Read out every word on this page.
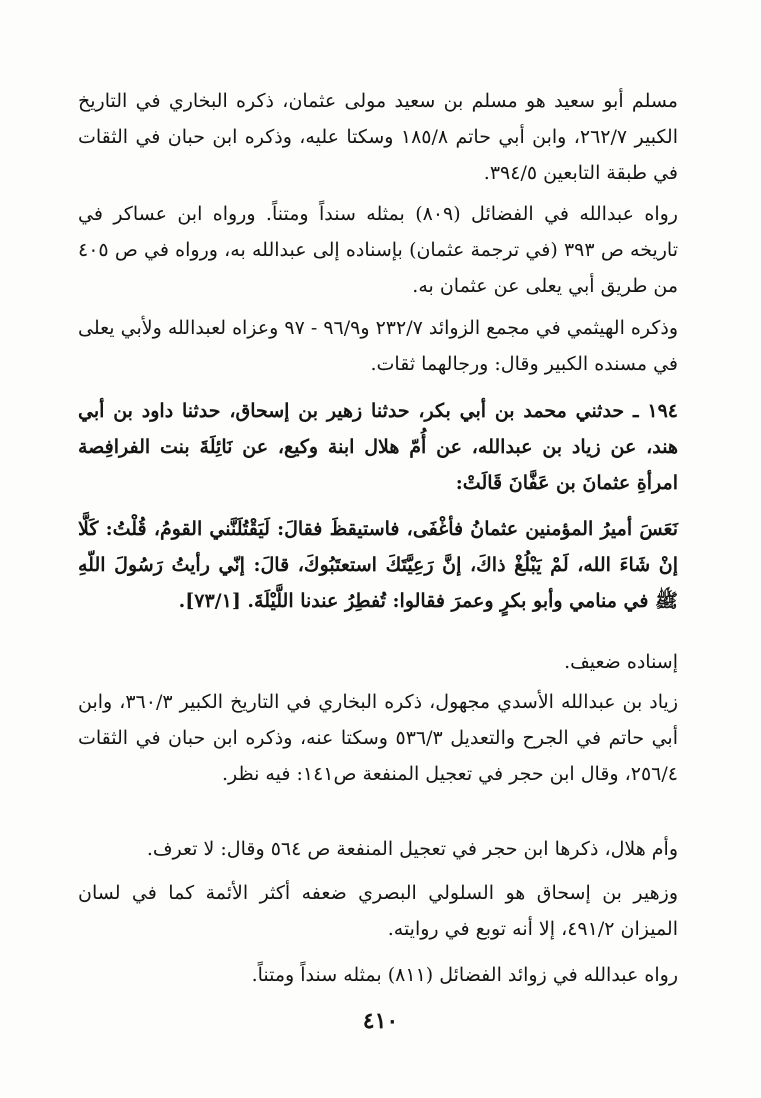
مسلم أبو سعيد هو مسلم بن سعيد مولى عثمان، ذكره البخاري في التاريخ الكبير ٢٦٢/٧، وابن أبي حاتم ١٨٥/٨ وسكتا عليه، وذكره ابن حبان في الثقات في طبقة التابعين ٣٩٤/٥.

رواه عبدالله في الفضائل (٨٠٩) بمثله سنداً ومتناً. ورواه ابن عساكر في تاريخه ص ٣٩٣ (في ترجمة عثمان) بإسناده إلى عبدالله به، ورواه في ص ٤٠٥ من طريق أبي يعلى عن عثمان به.

وذكره الهيثمي في مجمع الزوائد ٢٣٢/٧ و٩٦/٩ - ٩٧ وعزاه لعبدالله ولأبي يعلى في مسنده الكبير وقال: ورجالهما ثقات.

١٩٤ ـ حدثني محمد بن أبي بكر، حدثنا زهير بن إسحاق، حدثنا داود بن أبي هند، عن زياد بن عبدالله، عن أُمّ هلال ابنة وكيع، عن نَائِلَةَ بنت الفرافِصة امرأةِ عثمانَ بن عَفَّانَ قَالَتْ:

نَعَسَ أميرُ المؤمنين عثمانُ فأغْفَى، فاستيقظَ فقالَ: لَيَقْتُلَنَّني القومُ، قُلْتُ: كَلَّا إنْ شَاءَ الله، لَمْ يَبْلُغْ ذاكَ، إنَّ رَعِيَّتَكَ استعتَبُوكَ، قالَ: إنّي رأيتُ رَسُولَ اللّهِ ﷺ في منامي وأبو بكرٍ وعمرَ فقالوا: تُفطِرُ عندنا اللَّيْلَةَ. [٧٣/١].

إسناده ضعيف.

زياد بن عبدالله الأسدي مجهول، ذكره البخاري في التاريخ الكبير ٣٦٠/٣، وابن أبي حاتم في الجرح والتعديل ٥٣٦/٣ وسكتا عنه، وذكره ابن حبان في الثقات ٢٥٦/٤، وقال ابن حجر في تعجيل المنفعة ص١٤١: فيه نظر.

وأم هلال، ذكرها ابن حجر في تعجيل المنفعة ص ٥٦٤ وقال: لا تعرف.

وزهير بن إسحاق هو السلولي البصري ضعفه أكثر الأئمة كما في لسان الميزان ٤٩١/٢، إلا أنه توبع في روايته.

رواه عبدالله في زوائد الفضائل (٨١١) بمثله سنداً ومتناً.

٤١٠
